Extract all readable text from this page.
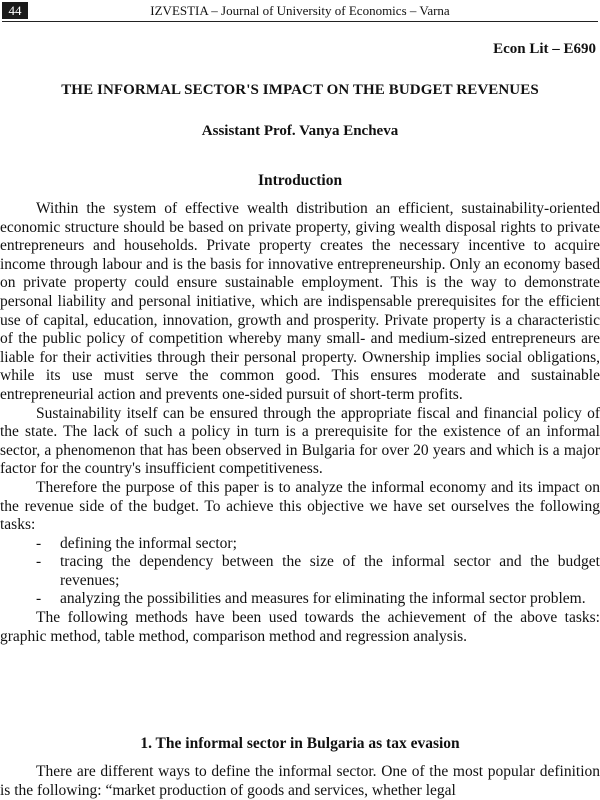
44	IZVESTIA – Journal of University of Economics – Varna
Econ Lit – E690
THE INFORMAL SECTOR'S IMPACT ON THE BUDGET REVENUES
Assistant Prof. Vanya Encheva
Introduction

Within the system of effective wealth distribution an efficient, sustainability-oriented economic structure should be based on private property, giving wealth disposal rights to private entrepreneurs and households. Private property creates the necessary incentive to acquire income through labour and is the basis for innovative entrepreneurship. Only an economy based on private property could ensure sustainable employment. This is the way to demonstrate personal liability and personal initiative, which are indispensable prerequisites for the efficient use of capital, education, innovation, growth and prosperity. Private property is a characteristic of the public policy of competition whereby many small- and medium-sized entrepreneurs are liable for their activities through their personal property. Ownership implies social obligations, while its use must serve the common good. This ensures moderate and sustainable entrepreneurial action and prevents one-sided pursuit of short-term profits.

Sustainability itself can be ensured through the appropriate fiscal and financial policy of the state. The lack of such a policy in turn is a prerequisite for the existence of an informal sector, a phenomenon that has been observed in Bulgaria for over 20 years and which is a major factor for the country's insufficient competitiveness.

Therefore the purpose of this paper is to analyze the informal economy and its impact on the revenue side of the budget. To achieve this objective we have set ourselves the following tasks:

- defining the informal sector;
- tracing the dependency between the size of the informal sector and the budget revenues;
- analyzing the possibilities and measures for eliminating the informal sector problem.

The following methods have been used towards the achievement of the above tasks: graphic method, table method, comparison method and regression analysis.

1. The informal sector in Bulgaria as tax evasion

There are different ways to define the informal sector. One of the most popular definition is the following: “market production of goods and services, whether legal
